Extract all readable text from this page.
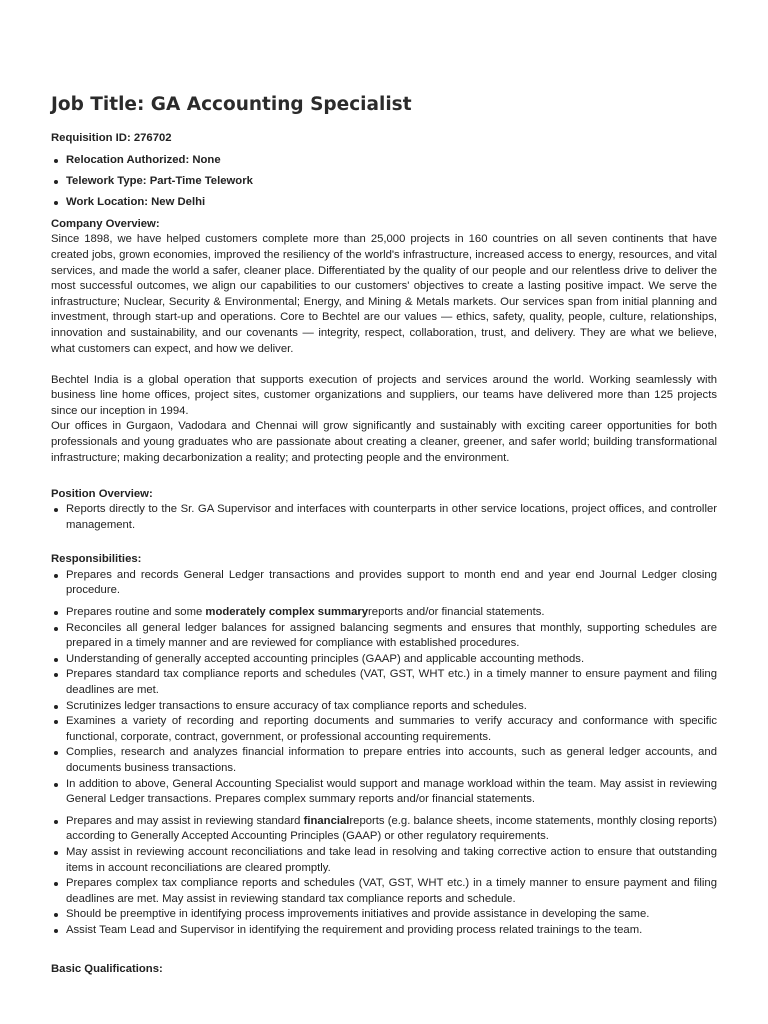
Job Title: GA Accounting Specialist
Requisition ID: 276702
Relocation Authorized: None
Telework Type: Part-Time Telework
Work Location: New Delhi
Company Overview:

Since 1898, we have helped customers complete more than 25,000 projects in 160 countries on all seven continents that have created jobs, grown economies, improved the resiliency of the world's infrastructure, increased access to energy, resources, and vital services, and made the world a safer, cleaner place. Differentiated by the quality of our people and our relentless drive to deliver the most successful outcomes, we align our capabilities to our customers' objectives to create a lasting positive impact. We serve the infrastructure; Nuclear, Security & Environmental; Energy, and Mining & Metals markets. Our services span from initial planning and investment, through start-up and operations. Core to Bechtel are our values — ethics, safety, quality, people, culture, relationships, innovation and sustainability, and our covenants — integrity, respect, collaboration, trust, and delivery. They are what we believe, what customers can expect, and how we deliver.

Bechtel India is a global operation that supports execution of projects and services around the world. Working seamlessly with business line home offices, project sites, customer organizations and suppliers, our teams have delivered more than 125 projects since our inception in 1994.

Our offices in Gurgaon, Vadodara and Chennai will grow significantly and sustainably with exciting career opportunities for both professionals and young graduates who are passionate about creating a cleaner, greener, and safer world; building transformational infrastructure; making decarbonization a reality; and protecting people and the environment.

Position Overview:
Reports directly to the Sr. GA Supervisor and interfaces with counterparts in other service locations, project offices, and controller management.
Responsibilities:
Prepares and records General Ledger transactions and provides support to month end and year end Journal Ledger closing procedure.
Prepares routine and some moderately complex summaryreports and/or financial statements.
Reconciles all general ledger balances for assigned balancing segments and ensures that monthly, supporting schedules are prepared in a timely manner and are reviewed for compliance with established procedures.
Understanding of generally accepted accounting principles (GAAP) and applicable accounting methods.
Prepares standard tax compliance reports and schedules (VAT, GST, WHT etc.) in a timely manner to ensure payment and filing deadlines are met.
Scrutinizes ledger transactions to ensure accuracy of tax compliance reports and schedules.
Examines a variety of recording and reporting documents and summaries to verify accuracy and conformance with specific functional, corporate, contract, government, or professional accounting requirements.
Complies, research and analyzes financial information to prepare entries into accounts, such as general ledger accounts, and documents business transactions.
In addition to above, General Accounting Specialist would support and manage workload within the team. May assist in reviewing General Ledger transactions. Prepares complex summary reports and/or financial statements.
Prepares and may assist in reviewing standard financialreports (e.g. balance sheets, income statements, monthly closing reports) according to Generally Accepted Accounting Principles (GAAP) or other regulatory requirements.
May assist in reviewing account reconciliations and take lead in resolving and taking corrective action to ensure that outstanding items in account reconciliations are cleared promptly.
Prepares complex tax compliance reports and schedules (VAT, GST, WHT etc.) in a timely manner to ensure payment and filing deadlines are met. May assist in reviewing standard tax compliance reports and schedule.
Should be preemptive in identifying process improvements initiatives and provide assistance in developing the same.
Assist Team Lead and Supervisor in identifying the requirement and providing process related trainings to the team.
Basic Qualifications:
